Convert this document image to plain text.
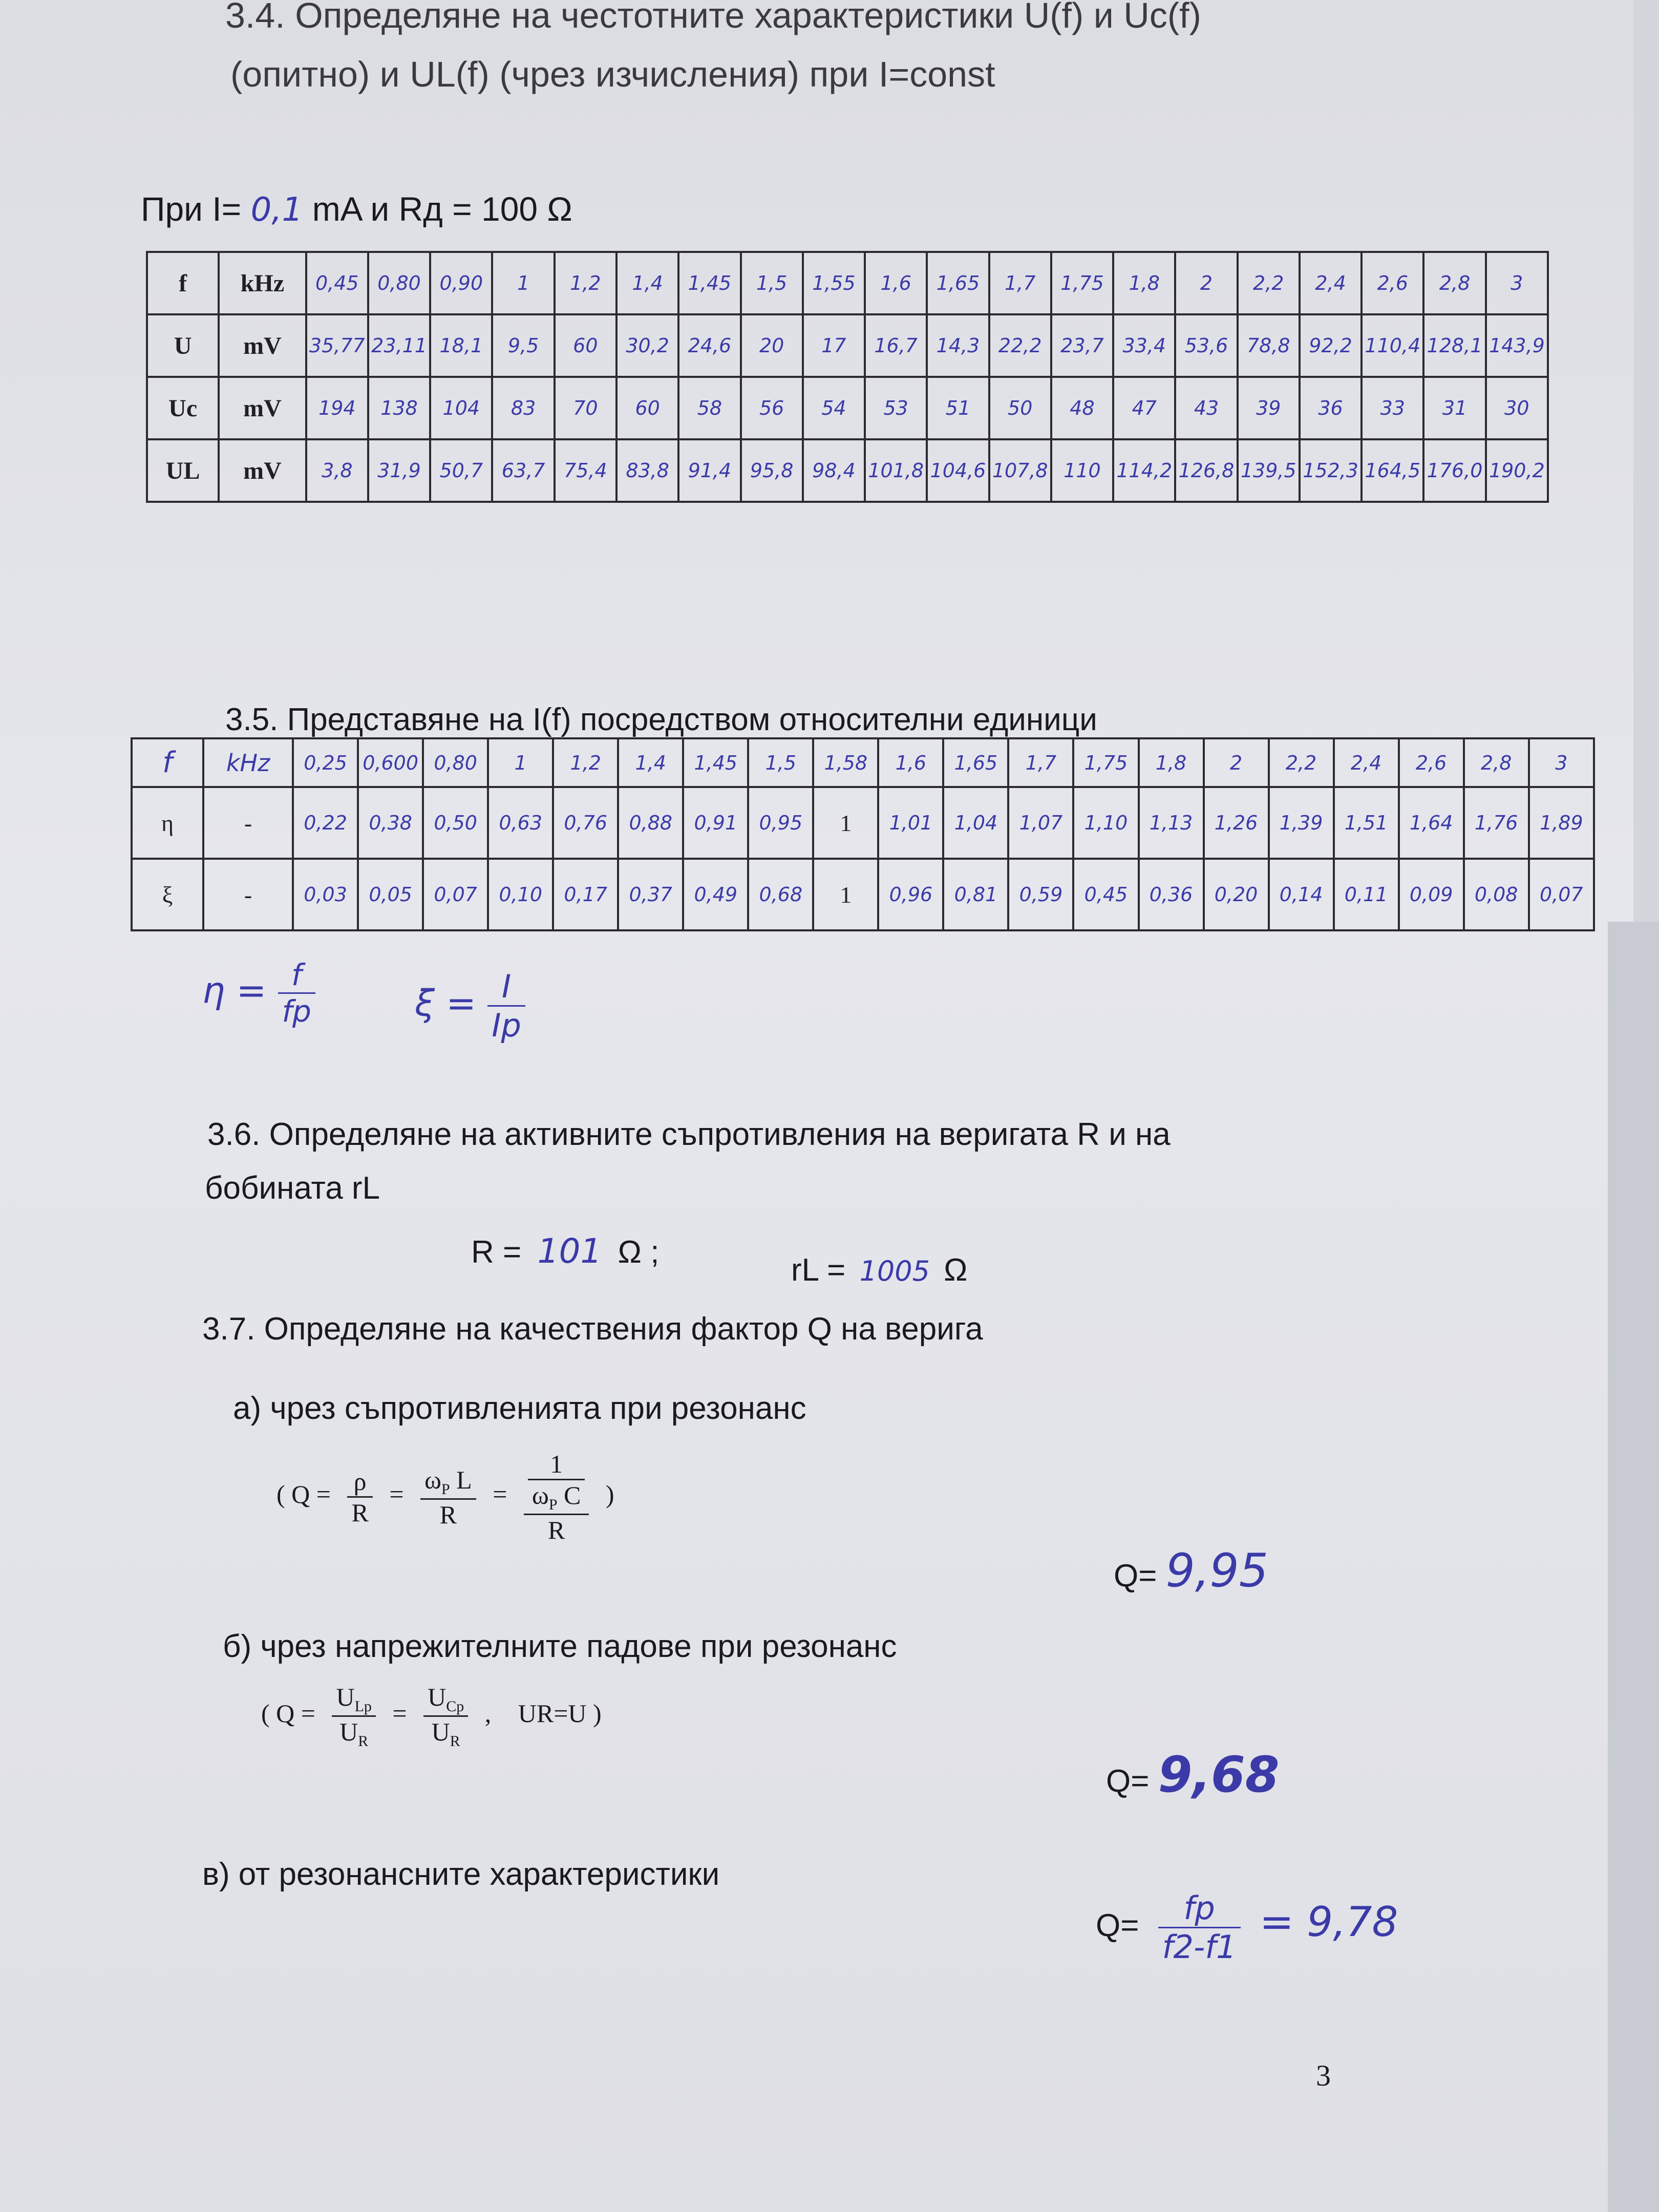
3.4. Определяне на честотните характеристики U(f) и Uc(f)
(опитно) и UL(f) (чрез изчисления) при I=const
При I= 0,1 mA и Rд = 100 Ω
f	kHz	0,45	0,80	0,90	1	1,2	1,4	1,45	1,5	1,55	1,6	1,65	1,7	1,75	1,8	2	2,2	2,4	2,6	2,8	3
U	mV	35,77	23,11	18,1	9,5	60	30,2	24,6	20	17	16,7	14,3	22,2	23,7	33,4	53,6	78,8	92,2	110,4	128,1	143,9
Uc	mV	194	138	104	83	70	60	58	56	54	53	51	50	48	47	43	39	36	33	31	30
UL	mV	3,8	31,9	50,7	63,7	75,4	83,8	91,4	95,8	98,4	101,8	104,6	107,8	110	114,2	126,8	139,5	152,3	164,5	176,0	190,2
3.5. Представяне на I(f) посредством относителни единици
f	kHz	0,25	0,600	0,80	1	1,2	1,4	1,45	1,5	1,58	1,6	1,65	1,7	1,75	1,8	2	2,2	2,4	2,6	2,8	3
η	-	0,22	0,38	0,50	0,63	0,76	0,88	0,91	0,95	1	1,01	1,04	1,07	1,10	1,13	1,26	1,39	1,51	1,64	1,76	1,89
ξ	-	0,03	0,05	0,07	0,10	0,17	0,37	0,49	0,68	1	0,96	0,81	0,59	0,45	0,36	0,20	0,14	0,11	0,09	0,08	0,07
$\eta = \frac{f}{fр}$	$\xi = \frac{I}{Iр}$
3.6. Определяне на активните съпротивления на веригата R и на
бобината rL
R = 101 Ω ;
rL = 1005 Ω
3.7. Определяне на качествения фактор Q на верига
а) чрез съпротивленията при резонанс
( $Q = \frac{\rho}{R} = \frac{\omega_P L}{R} = \frac{\frac{1}{\omega_P C}}{R}$ )
Q= 9,95
б) чрез напрежителните падове при резонанс
( $Q = \frac{U_{Lp}}{U_R} = \frac{U_{Cp}}{U_R}$ , UR=U )
Q= 9,68
в) от резонансните характеристики
$Q= \frac{fр}{f2-f1} = 9,78$
3
